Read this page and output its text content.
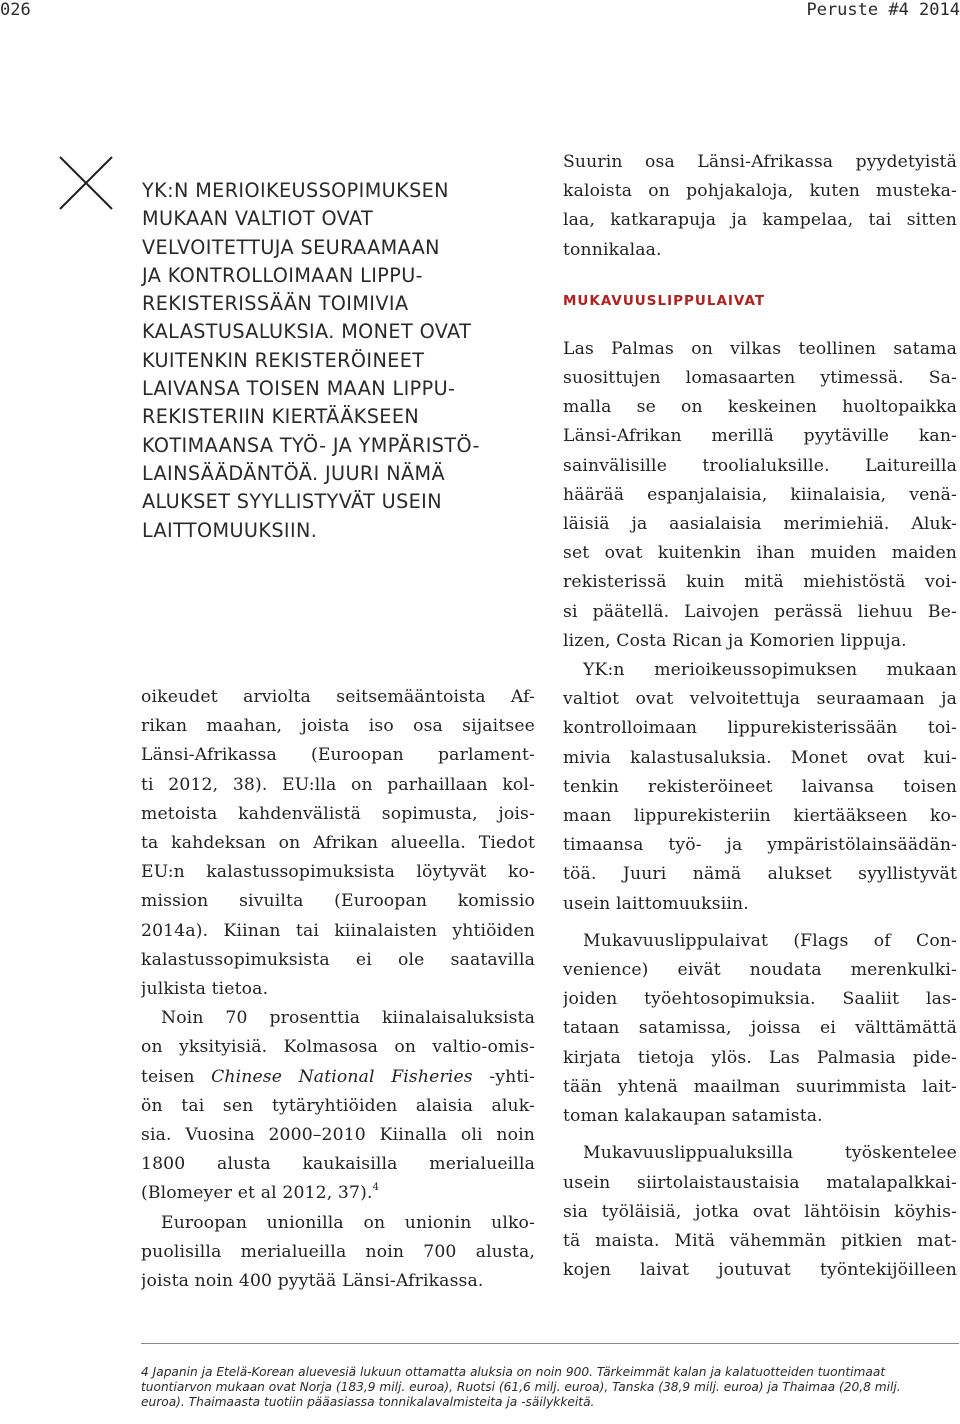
026	Peruste #4 2014
YK:N MERIOIKEUSSOPIMUKSEN
MUKAAN VALTIOT OVAT
VELVOITETTUJA SEURAAMAAN
JA KONTROLLOIMAAN LIPPU-
REKISTERISSÄÄN TOIMIVIA
KALASTUSALUKSIA. MONET OVAT
KUITENKIN REKISTERÖINEET
LAIVANSA TOISEN MAAN LIPPU-
REKISTERIIN KIERTÄÄKSEEN
KOTIMAANSA TYÖ- JA YMPÄRISTÖ-
LAINSÄÄDÄNTÖÄ. JUURI NÄMÄ
ALUKSET SYYLLISTYVÄT USEIN
LAITTOMUUKSIIN.
oikeudet arviolta seitsemääntoista Af-
rikan maahan, joista iso osa sijaitsee
Länsi-Afrikassa (Euroopan parlament-
ti 2012, 38). EU:lla on parhaillaan kol-
metoista kahdenvälistä sopimusta, jois-
ta kahdeksan on Afrikan alueella. Tiedot
EU:n kalastussopimuksista löytyvät ko-
mission sivuilta (Euroopan komissio
2014a). Kiinan tai kiinalaisten yhtiöiden
kalastussopimuksista ei ole saatavilla
julkista tietoa.
Noin 70 prosenttia kiinalaisaluksista
on yksityisiä. Kolmasosa on valtio-omis-
teisen Chinese National Fisheries -yhti-
ön tai sen tytäryhtiöiden alaisia aluk-
sia. Vuosina 2000–2010 Kiinalla oli noin
1800 alusta kaukaisilla merialueilla
(Blomeyer et al 2012, 37).$^4$
Euroopan unionilla on unionin ulko-
puolisilla merialueilla noin 700 alusta,
joista noin 400 pyytää Länsi-Afrikassa.
Suurin osa Länsi-Afrikassa pyydetyistä
kaloista on pohjakaloja, kuten musteka-
laa, katkarapuja ja kampelaa, tai sitten
tonnikalaa.
MUKAVUUSLIPPULAIVAT
Las Palmas on vilkas teollinen satama
suosittujen lomasaarten ytimessä. Sa-
malla se on keskeinen huoltopaikka
Länsi-Afrikan merillä pyytäville kan-
sainvälisille troolialuksille. Laitureilla
häärää espanjalaisia, kiinalaisia, venä-
läisiä ja aasialaisia merimiehiä. Aluk-
set ovat kuitenkin ihan muiden maiden
rekisterissä kuin mitä miehistöstä voi-
si päätellä. Laivojen perässä liehuu Be-
lizen, Costa Rican ja Komorien lippuja.
YK:n merioikeussopimuksen mukaan
valtiot ovat velvoitettuja seuraamaan ja
kontrolloimaan lippurekisterissään toi-
mivia kalastusaluksia. Monet ovat kui-
tenkin rekisteröineet laivansa toisen
maan lippurekisteriin kiertääkseen ko-
timaansa työ- ja ympäristölainsäädän-
töä. Juuri nämä alukset syyllistyvät
usein laittomuuksiin.
Mukavuuslippulaivat (Flags of Con-
venience) eivät noudata merenkulki-
joiden työehtosopimuksia. Saaliit las-
tataan satamissa, joissa ei välttämättä
kirjata tietoja ylös. Las Palmasia pide-
tään yhtenä maailman suurimmista lait-
toman kalakaupan satamista.
Mukavuuslippualuksilla työskentelee
usein siirtolaistaustaisia matalapalkkai-
sia työläisiä, jotka ovat lähtöisin köyhis-
tä maista. Mitä vähemmän pitkien mat-
kojen laivat joutuvat työntekijöilleen
4 Japanin ja Etelä-Korean aluevesiä lukuun ottamatta aluksia on noin 900. Tärkeimmät kalan ja kalatuotteiden tuontimaat
tuontiarvon mukaan ovat Norja (183,9 milj. euroa), Ruotsi (61,6 milj. euroa), Tanska (38,9 milj. euroa) ja Thaimaa (20,8 milj.
euroa). Thaimaasta tuotiin pääasiassa tonnikalavalmisteita ja -säilykkeitä.
